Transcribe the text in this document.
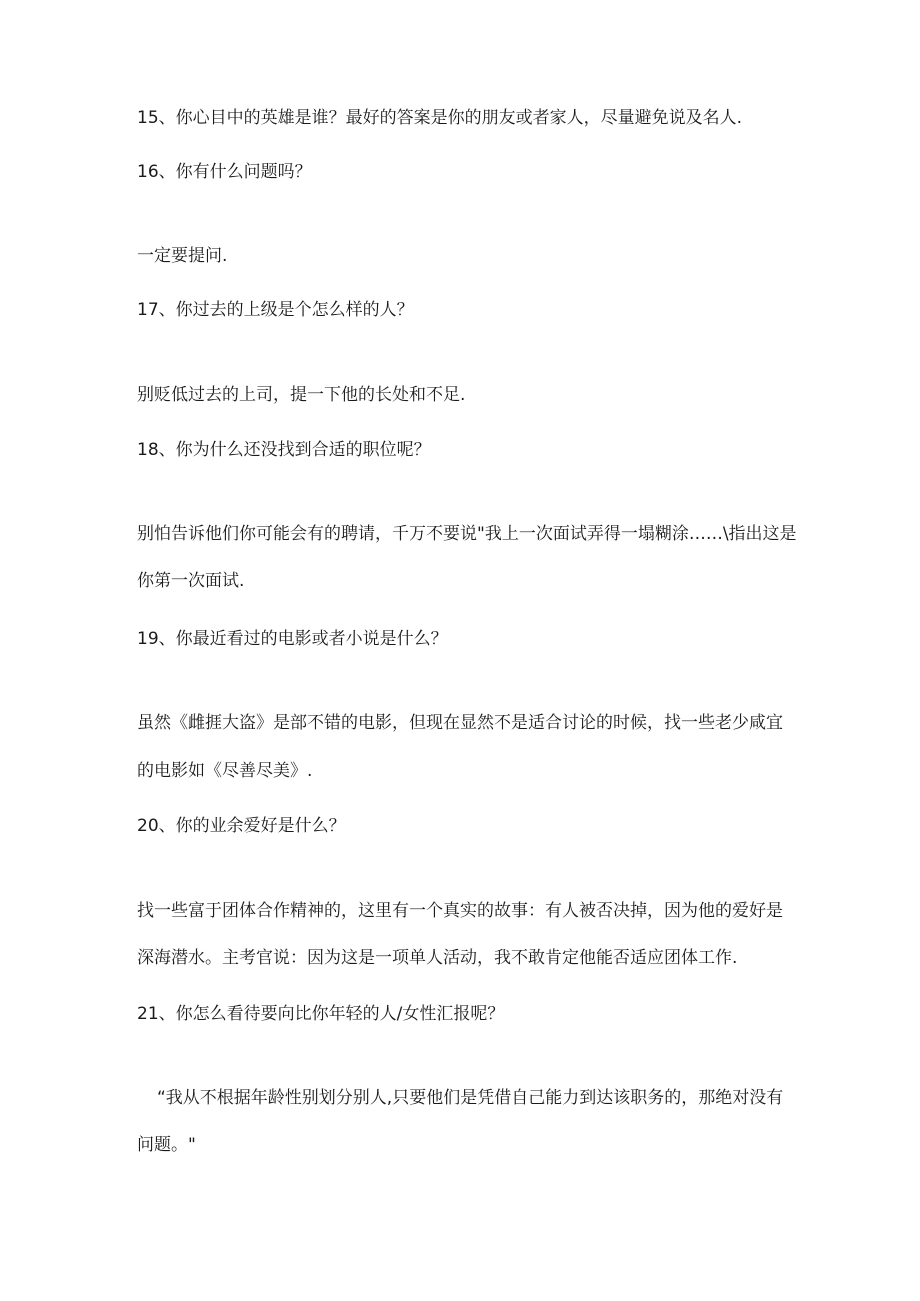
15、你心目中的英雄是谁？最好的答案是你的朋友或者家人，尽量避免说及名人.

16、你有什么问题吗？

一定要提问.

17、你过去的上级是个怎么样的人？

别贬低过去的上司，提一下他的长处和不足.

18、你为什么还没找到合适的职位呢？

别怕告诉他们你可能会有的聘请，千万不要说"我上一次面试弄得一塌糊涂……\指出这是

你第一次面试.

19、你最近看过的电影或者小说是什么？

虽然《雌捱大盗》是部不错的电影，但现在显然不是适合讨论的时候，找一些老少咸宜

的电影如《尽善尽美》.

20、你的业余爱好是什么？

找一些富于团体合作精神的，这里有一个真实的故事：有人被否决掉，因为他的爱好是

深海潜水。主考官说：因为这是一项单人活动，我不敢肯定他能否适应团体工作.

21、你怎么看待要向比你年轻的人/女性汇报呢？

“我从不根据年龄性别划分别人,只要他们是凭借自己能力到达该职务的，那绝对没有

问题。"
